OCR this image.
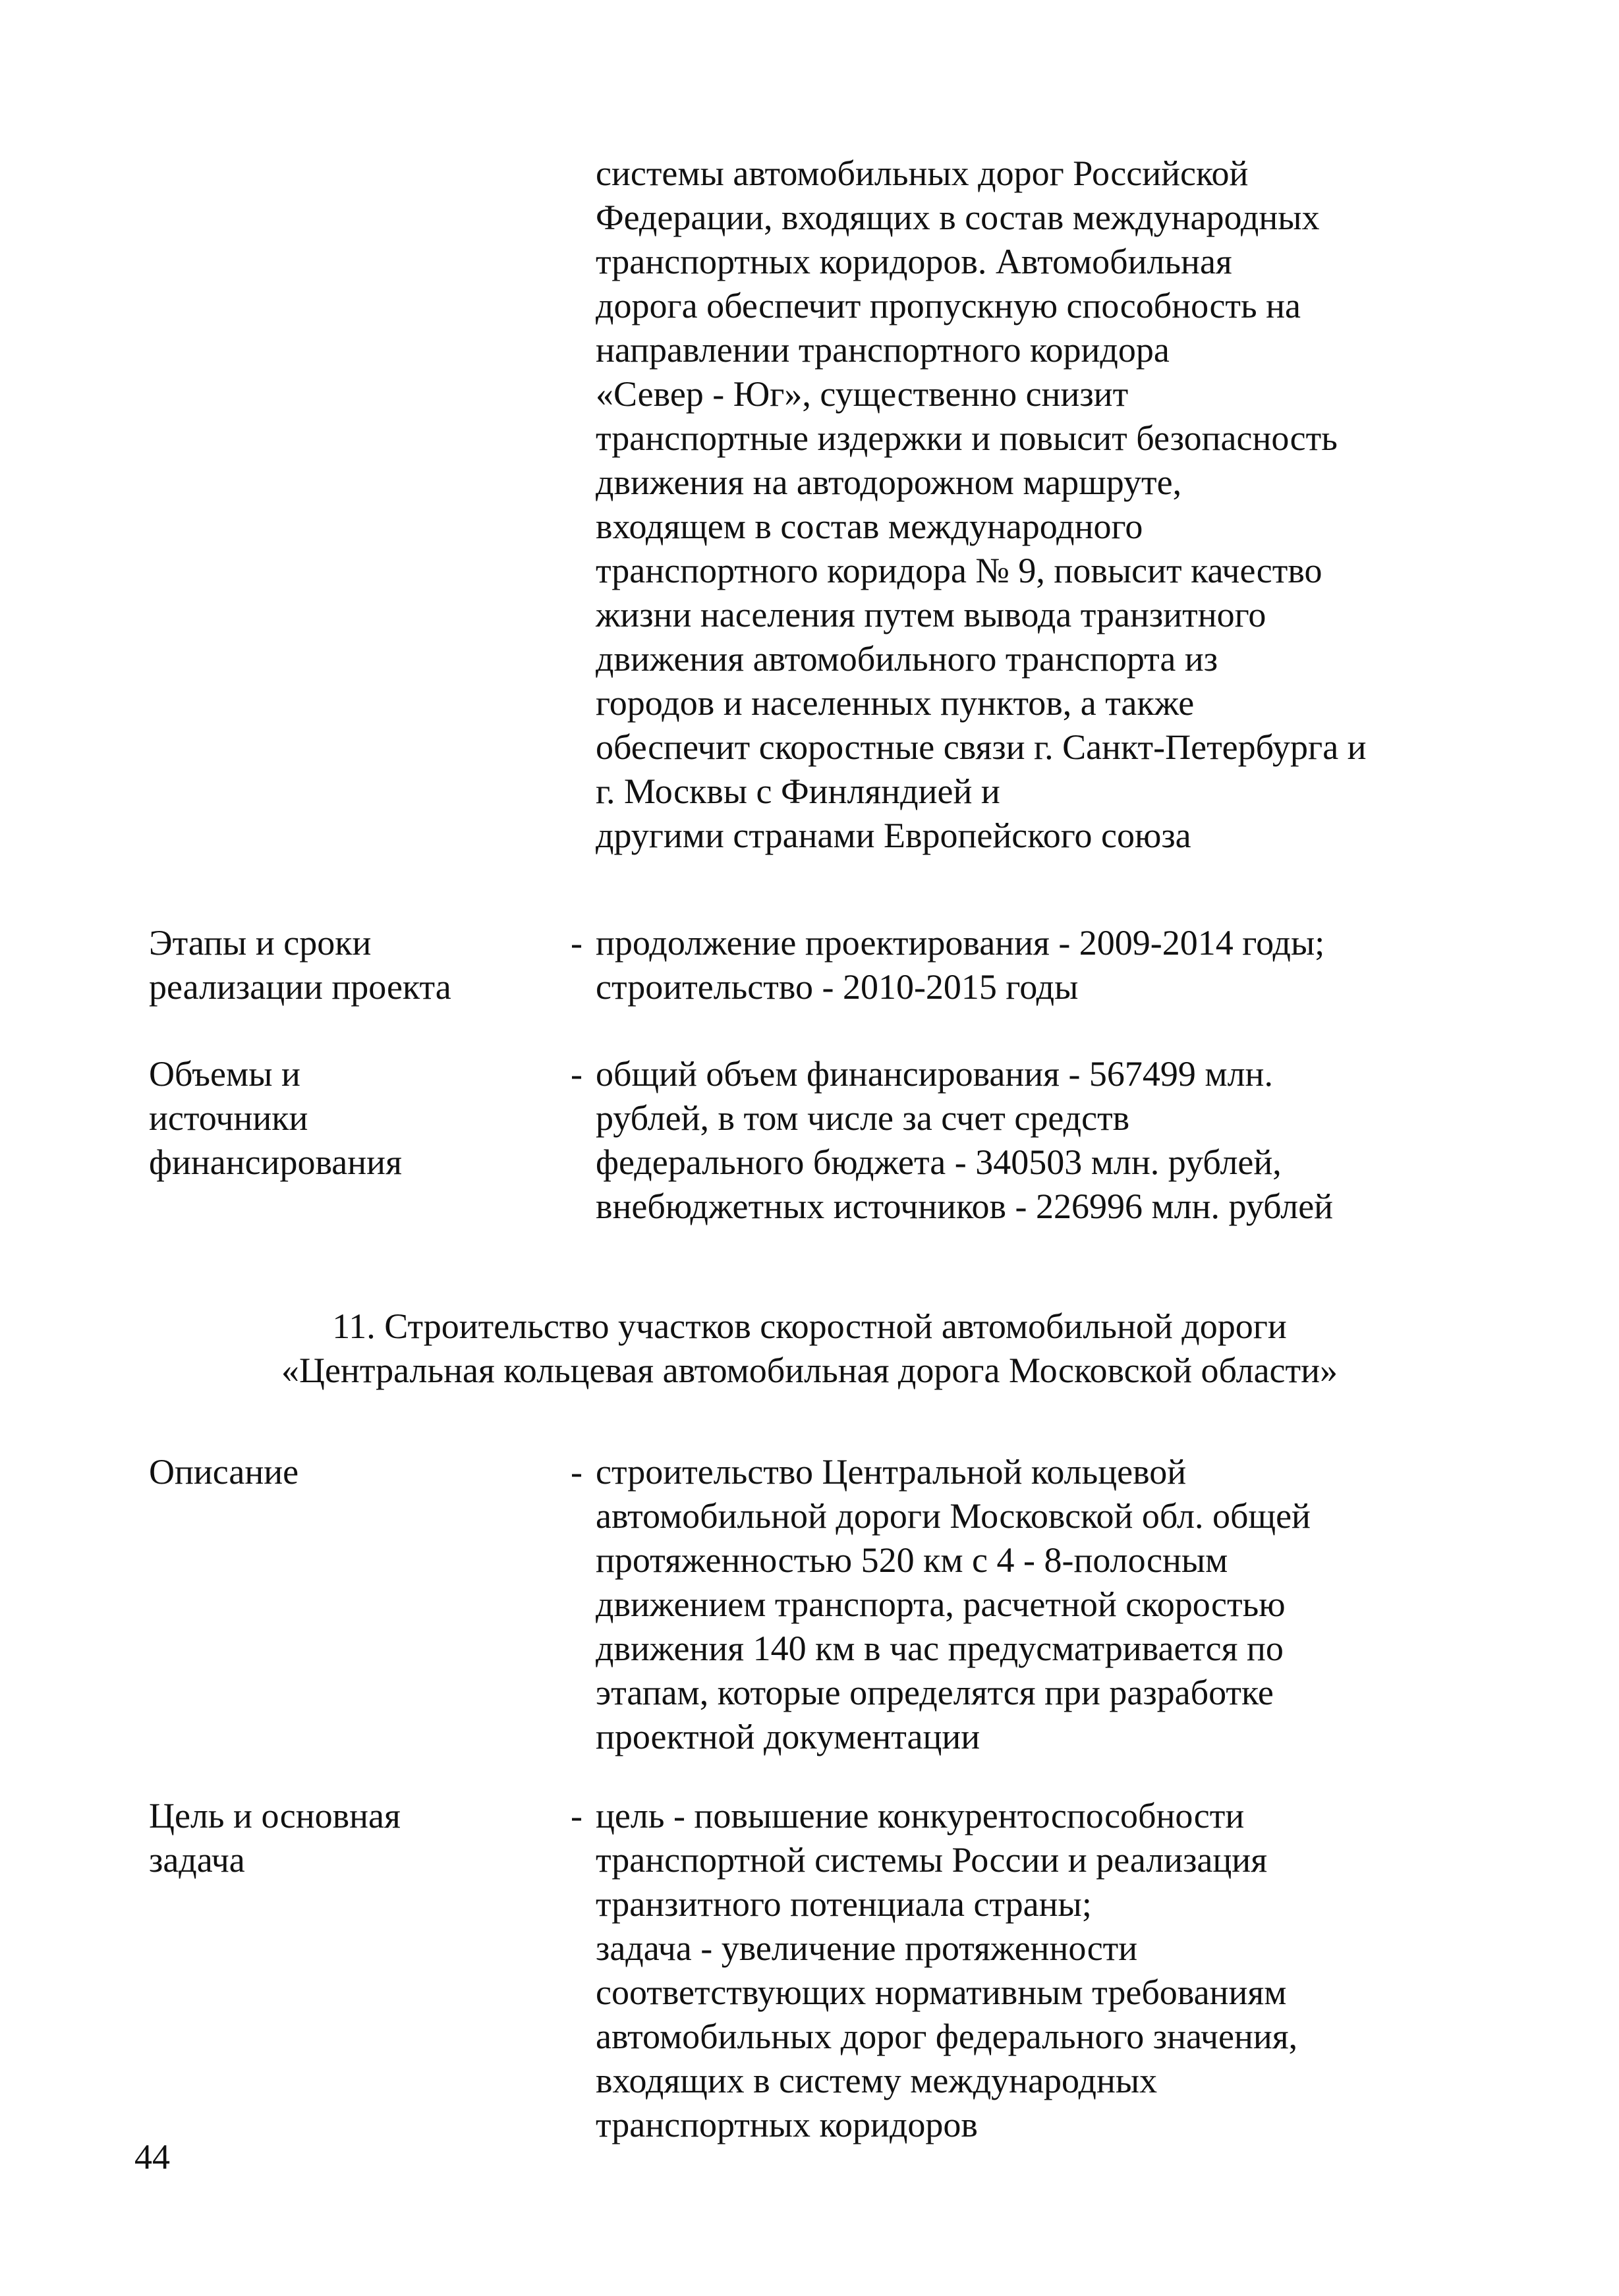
системы автомобильных дорог Российской
Федерации, входящих в состав международных
транспортных коридоров. Автомобильная
дорога обеспечит пропускную способность на
направлении транспортного коридора
«Север - Юг», существенно снизит
транспортные издержки и повысит безопасность
движения на автодорожном маршруте,
входящем в состав международного
транспортного коридора № 9, повысит качество
жизни населения путем вывода транзитного
движения автомобильного транспорта из
городов и населенных пунктов, а также
обеспечит скоростные связи г. Санкт-Петербурга и
г. Москвы с Финляндией и
другими странами Европейского союза
Этапы и сроки
реализации проекта
- продолжение проектирования - 2009-2014 годы;
строительство - 2010-2015 годы
Объемы и
источники
финансирования
- общий объем финансирования - 567499 млн.
рублей, в том числе за счет средств
федерального бюджета - 340503 млн. рублей,
внебюджетных источников - 226996 млн. рублей
11. Строительство участков скоростной автомобильной дороги
«Центральная кольцевая автомобильная дорога Московской области»
Описание	- строительство Центральной кольцевой
автомобильной дороги Московской обл. общей
протяженностью 520 км с 4 - 8-полосным
движением транспорта, расчетной скоростью
движения 140 км в час предусматривается по
этапам, которые определятся при разработке
проектной документации
Цель и основная
задача
- цель - повышение конкурентоспособности
транспортной системы России и реализация
транзитного потенциала страны;
задача - увеличение протяженности
соответствующих нормативным требованиям
автомобильных дорог федерального значения,
входящих в систему международных
транспортных коридоров
44
